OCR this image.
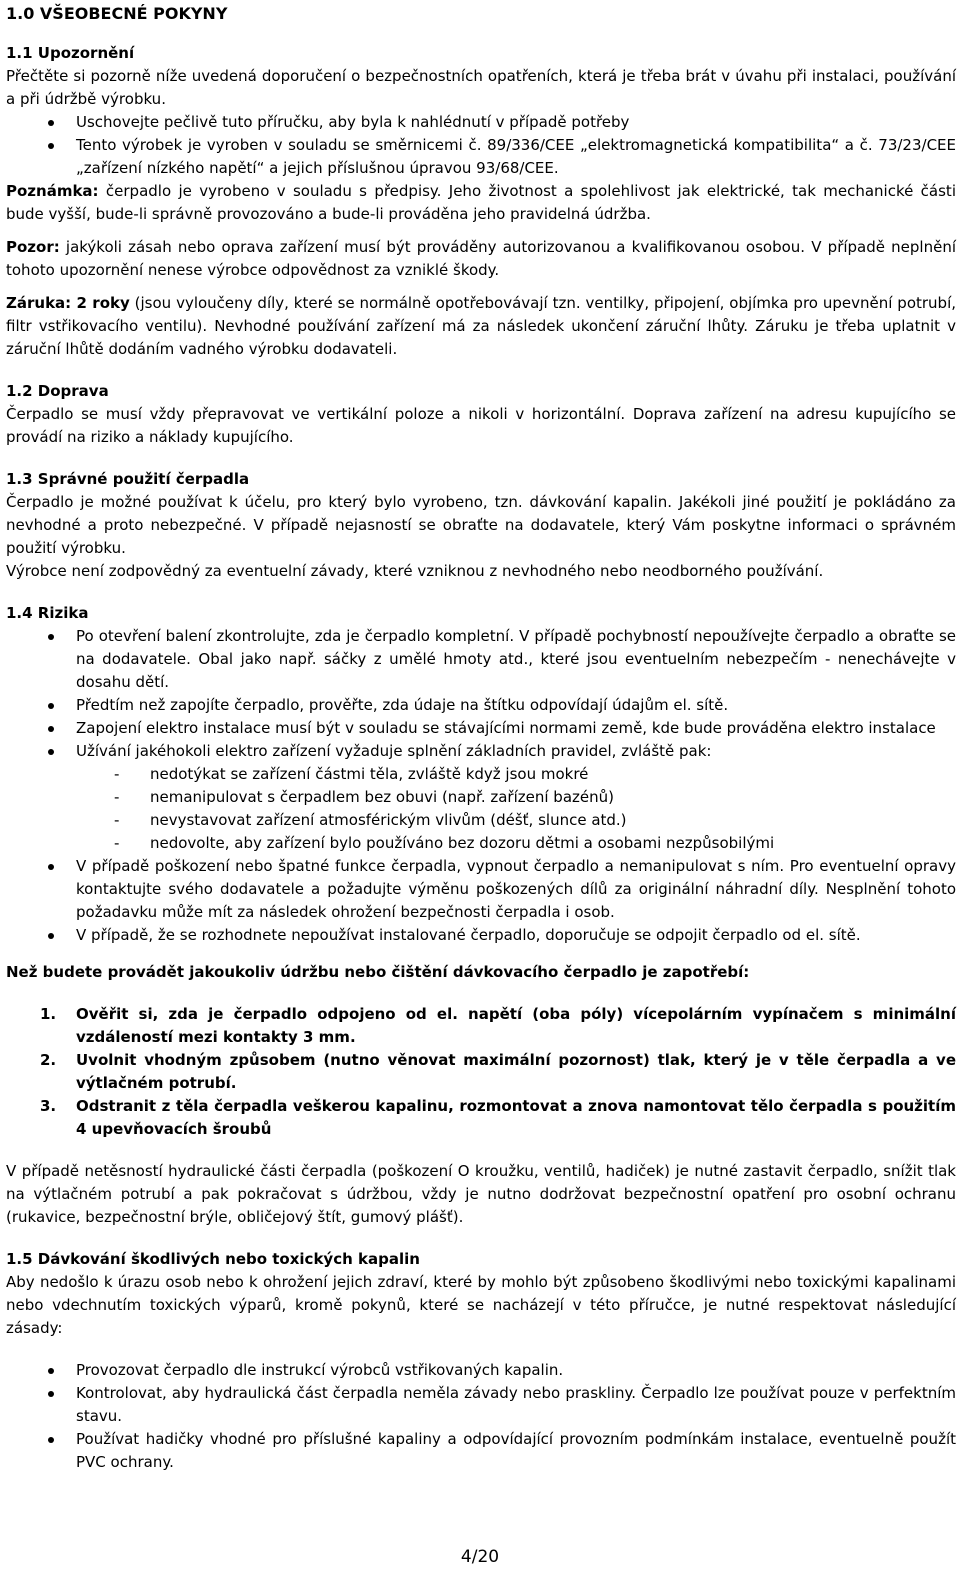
1.0 VŠEOBECNÉ POKYNY

1.1 Upozornění

Přečtěte si pozorně níže uvedená doporučení o bezpečnostních opatřeních, která je třeba brát v úvahu při instalaci, používání a při údržbě výrobku.

Uschovejte pečlivě tuto příručku, aby byla k nahlédnutí v případě potřeby
Tento výrobek je vyroben v souladu se směrnicemi č. 89/336/CEE „elektromagnetická kompatibilita“ a č. 73/23/CEE „zařízení nízkého napětí“ a jejich příslušnou úpravou 93/68/CEE.

Poznámka: čerpadlo je vyrobeno v souladu s předpisy. Jeho životnost a spolehlivost jak elektrické, tak mechanické části bude vyšší, bude-li správně provozováno a bude-li prováděna jeho pravidelná údržba.

Pozor: jakýkoli zásah nebo oprava zařízení musí být prováděny autorizovanou a kvalifikovanou osobou. V případě neplnění tohoto upozornění nenese výrobce odpovědnost za vzniklé škody.

Záruka: 2 roky (jsou vyloučeny díly, které se normálně opotřebovávají tzn. ventilky, připojení, objímka pro upevnění potrubí, filtr vstřikovacího ventilu). Nevhodné používání zařízení má za následek ukončení záruční lhůty. Záruku je třeba uplatnit v záruční lhůtě dodáním vadného výrobku dodavateli.

1.2 Doprava

Čerpadlo se musí vždy přepravovat ve vertikální poloze a nikoli v horizontální. Doprava zařízení na adresu kupujícího se provádí na riziko a náklady kupujícího.

1.3 Správné použití čerpadla

Čerpadlo je možné používat k účelu, pro který bylo vyrobeno, tzn. dávkování kapalin. Jakékoli jiné použití je pokládáno za nevhodné a proto nebezpečné. V případě nejasností se obraťte na dodavatele, který Vám poskytne informaci o správném použití výrobku.

Výrobce není zodpovědný za eventuelní závady, které vzniknou z nevhodného nebo neodborného používání.

1.4 Rizika

Po otevření balení zkontrolujte, zda je čerpadlo kompletní. V případě pochybností nepoužívejte čerpadlo a obraťte se na dodavatele. Obal jako např. sáčky z umělé hmoty atd., které jsou eventuelním nebezpečím - nenechávejte v dosahu dětí.
Předtím než zapojíte čerpadlo, prověřte, zda údaje na štítku odpovídají údajům el. sítě.
Zapojení elektro instalace musí být v souladu se stávajícími normami země, kde bude prováděna elektro instalace
Užívání jakéhokoli elektro zařízení vyžaduje splnění základních pravidel, zvláště pak:
- nedotýkat se zařízení částmi těla, zvláště když jsou mokré
- nemanipulovat s čerpadlem bez obuvi (např. zařízení bazénů)
- nevystavovat zařízení atmosférickým vlivům (déšť, slunce atd.)
- nedovolte, aby zařízení bylo používáno bez dozoru dětmi a osobami nezpůsobilými
V případě poškození nebo špatné funkce čerpadla, vypnout čerpadlo a nemanipulovat s ním. Pro eventuelní opravy kontaktujte svého dodavatele a požadujte výměnu poškozených dílů za originální náhradní díly. Nesplnění tohoto požadavku může mít za následek ohrožení bezpečnosti čerpadla i osob.
V případě, že se rozhodnete nepoužívat instalované čerpadlo, doporučuje se odpojit čerpadlo od el. sítě.

Než budete provádět jakoukoliv údržbu nebo čištění dávkovacího čerpadlo je zapotřebí:

1. Ověřit si, zda je čerpadlo odpojeno od el. napětí (oba póly) vícepolárním vypínačem s minimální vzdáleností mezi kontakty 3 mm.
2. Uvolnit vhodným způsobem (nutno věnovat maximální pozornost) tlak, který je v těle čerpadla a ve výtlačném potrubí.
3. Odstranit z těla čerpadla veškerou kapalinu, rozmontovat a znova namontovat tělo čerpadla s použitím 4 upevňovacích šroubů

V případě netěsností hydraulické části čerpadla (poškození O kroužku, ventilů, hadiček) je nutné zastavit čerpadlo, snížit tlak na výtlačném potrubí a pak pokračovat s údržbou, vždy je nutno dodržovat bezpečnostní opatření pro osobní ochranu (rukavice, bezpečnostní brýle, obličejový štít, gumový plášť).

1.5 Dávkování škodlivých nebo toxických kapalin

Aby nedošlo k úrazu osob nebo k ohrožení jejich zdraví, které by mohlo být způsobeno škodlivými nebo toxickými kapalinami nebo vdechnutím toxických výparů, kromě pokynů, které se nacházejí v této příručce, je nutné respektovat následující zásady:

Provozovat čerpadlo dle instrukcí výrobců vstřikovaných kapalin.
Kontrolovat, aby hydraulická část čerpadla neměla závady nebo praskliny. Čerpadlo lze používat pouze v perfektním stavu.
Používat hadičky vhodné pro příslušné kapaliny a odpovídající provozním podmínkám instalace, eventuelně použít PVC ochrany.
4/20
